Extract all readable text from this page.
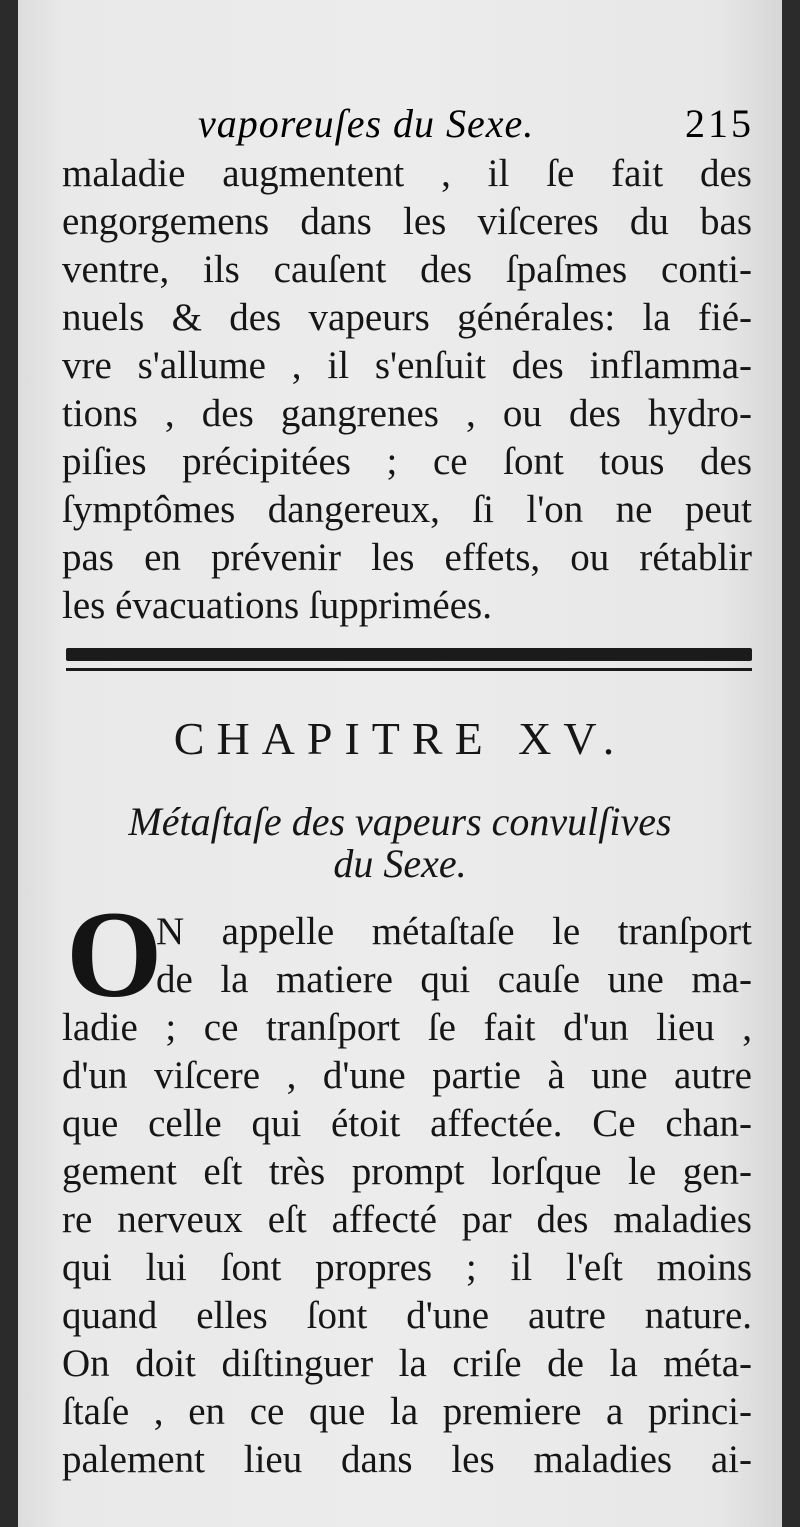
vaporeuſes du Sexe.	215
maladie augmentent , il ſe fait des
engorgemens dans les viſceres du bas
ventre, ils cauſent des ſpaſmes conti-
nuels & des vapeurs générales: la fié-
vre s'allume , il s'enſuit des inflamma-
tions , des gangrenes , ou des hydro-
piſies précipitées ; ce ſont tous des
ſymptômes dangereux, ſi l'on ne peut
pas en prévenir les effets, ou rétablir
les évacuations ſupprimées.
CHAPITRE XV.
Métaſtaſe des vapeurs convulſives
du Sexe.
O
N appelle métaſtaſe le tranſport
de la matiere qui cauſe une ma-
ladie ; ce tranſport ſe fait d'un lieu ,
d'un viſcere , d'une partie à une autre
que celle qui étoit affectée. Ce chan-
gement eſt très prompt lorſque le gen-
re nerveux eſt affecté par des maladies
qui lui ſont propres ; il l'eſt moins
quand elles ſont d'une autre nature.
On doit diſtinguer la criſe de la méta-
ſtaſe , en ce que la premiere a princi-
palement lieu dans les maladies ai-
